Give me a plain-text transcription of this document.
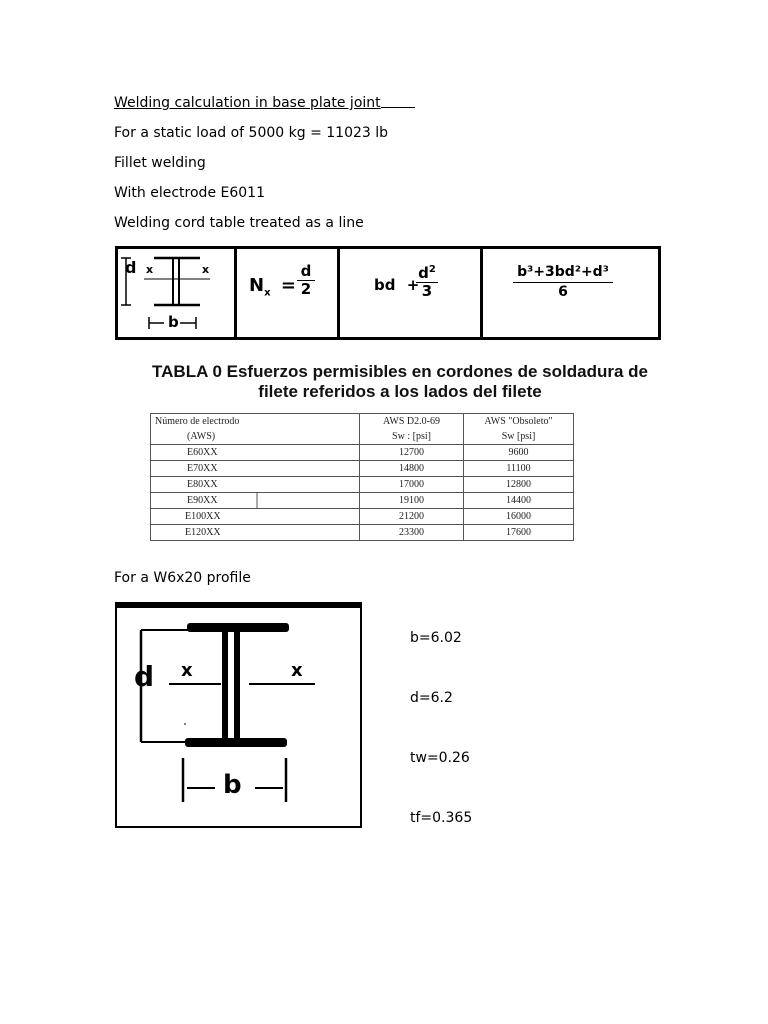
Welding calculation in base plate joint
For a static load of 5000 kg = 11023 lb
Fillet welding
With electrode E6011
Welding cord table treated as a line
d x	x
b
$N_x = \frac{d}{2}$	bd +
$d^2$
3	$\frac{\text{b³+3bd²+d³}}{6}$
TABLA 0 Esfuerzos permisibles en cordones de soldadura de
filete referidos a los lados del filete
Número de electrodo	AWS D2.0-69	AWS "Obsoleto"
(AWS)	Sw : [psi]	Sw [psi]
E60XX	12700	9600
E70XX	14800	11100
E80XX	17000	12800
E90XX	19100	14400
E100XX	21200	16000
E120XX	23300	17600
For a W6x20 profile
d x	x
b
b=6.02
d=6.2
tw=0.26
tf=0.365
